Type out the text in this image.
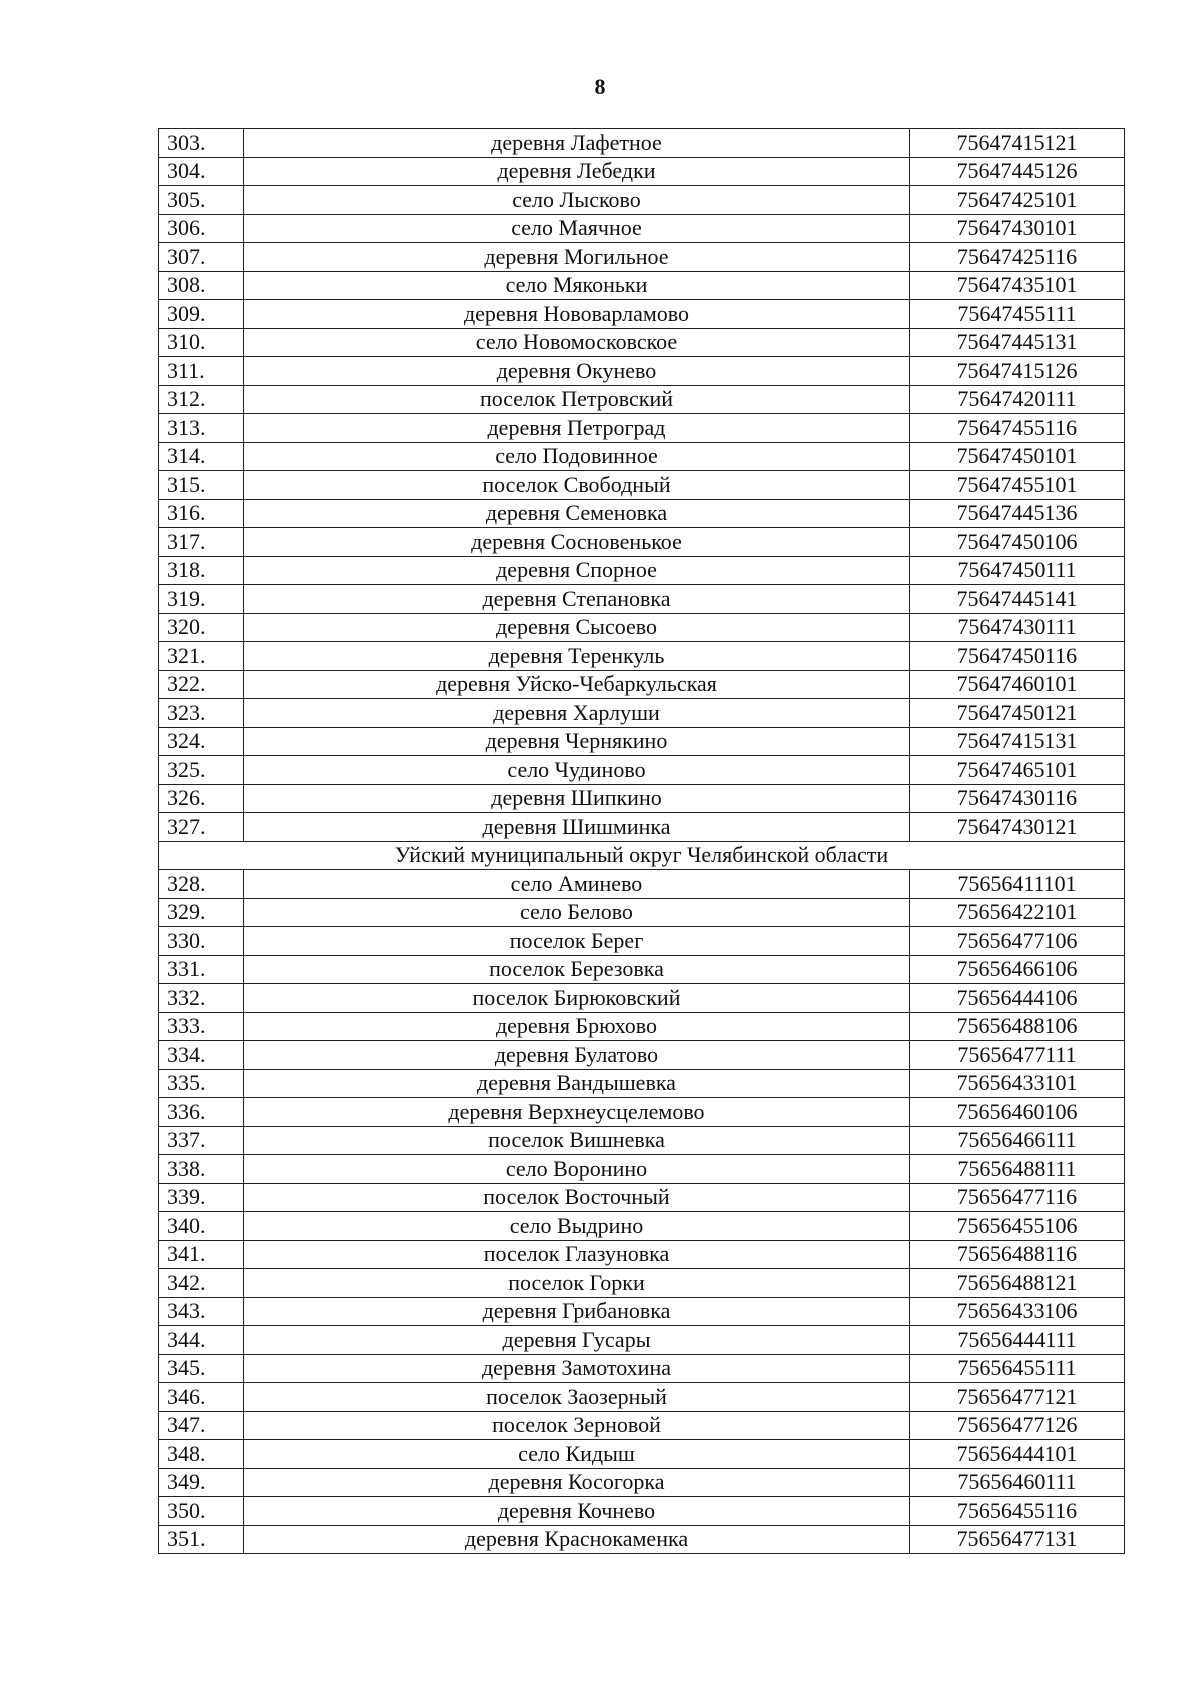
8
303.	деревня Лафетное	75647415121
304.	деревня Лебедки	75647445126
305.	село Лысково	75647425101
306.	село Маячное	75647430101
307.	деревня Могильное	75647425116
308.	село Мяконьки	75647435101
309.	деревня Нововарламово	75647455111
310.	село Новомосковское	75647445131
311.	деревня Окунево	75647415126
312.	поселок Петровский	75647420111
313.	деревня Петроград	75647455116
314.	село Подовинное	75647450101
315.	поселок Свободный	75647455101
316.	деревня Семеновка	75647445136
317.	деревня Сосновенькое	75647450106
318.	деревня Спорное	75647450111
319.	деревня Степановка	75647445141
320.	деревня Сысоево	75647430111
321.	деревня Теренкуль	75647450116
322.	деревня Уйско-Чебаркульская	75647460101
323.	деревня Харлуши	75647450121
324.	деревня Чернякино	75647415131
325.	село Чудиново	75647465101
326.	деревня Шипкино	75647430116
327.	деревня Шишминка	75647430121
Уйский муниципальный округ Челябинской области		
328.	село Аминево	75656411101
329.	село Белово	75656422101
330.	поселок Берег	75656477106
331.	поселок Березовка	75656466106
332.	поселок Бирюковский	75656444106
333.	деревня Брюхово	75656488106
334.	деревня Булатово	75656477111
335.	деревня Вандышевка	75656433101
336.	деревня Верхнеусцелемово	75656460106
337.	поселок Вишневка	75656466111
338.	село Воронино	75656488111
339.	поселок Восточный	75656477116
340.	село Выдрино	75656455106
341.	поселок Глазуновка	75656488116
342.	поселок Горки	75656488121
343.	деревня Грибановка	75656433106
344.	деревня Гусары	75656444111
345.	деревня Замотохина	75656455111
346.	поселок Заозерный	75656477121
347.	поселок Зерновой	75656477126
348.	село Кидыш	75656444101
349.	деревня Косогорка	75656460111
350.	деревня Кочнево	75656455116
351.	деревня Краснокаменка	75656477131
